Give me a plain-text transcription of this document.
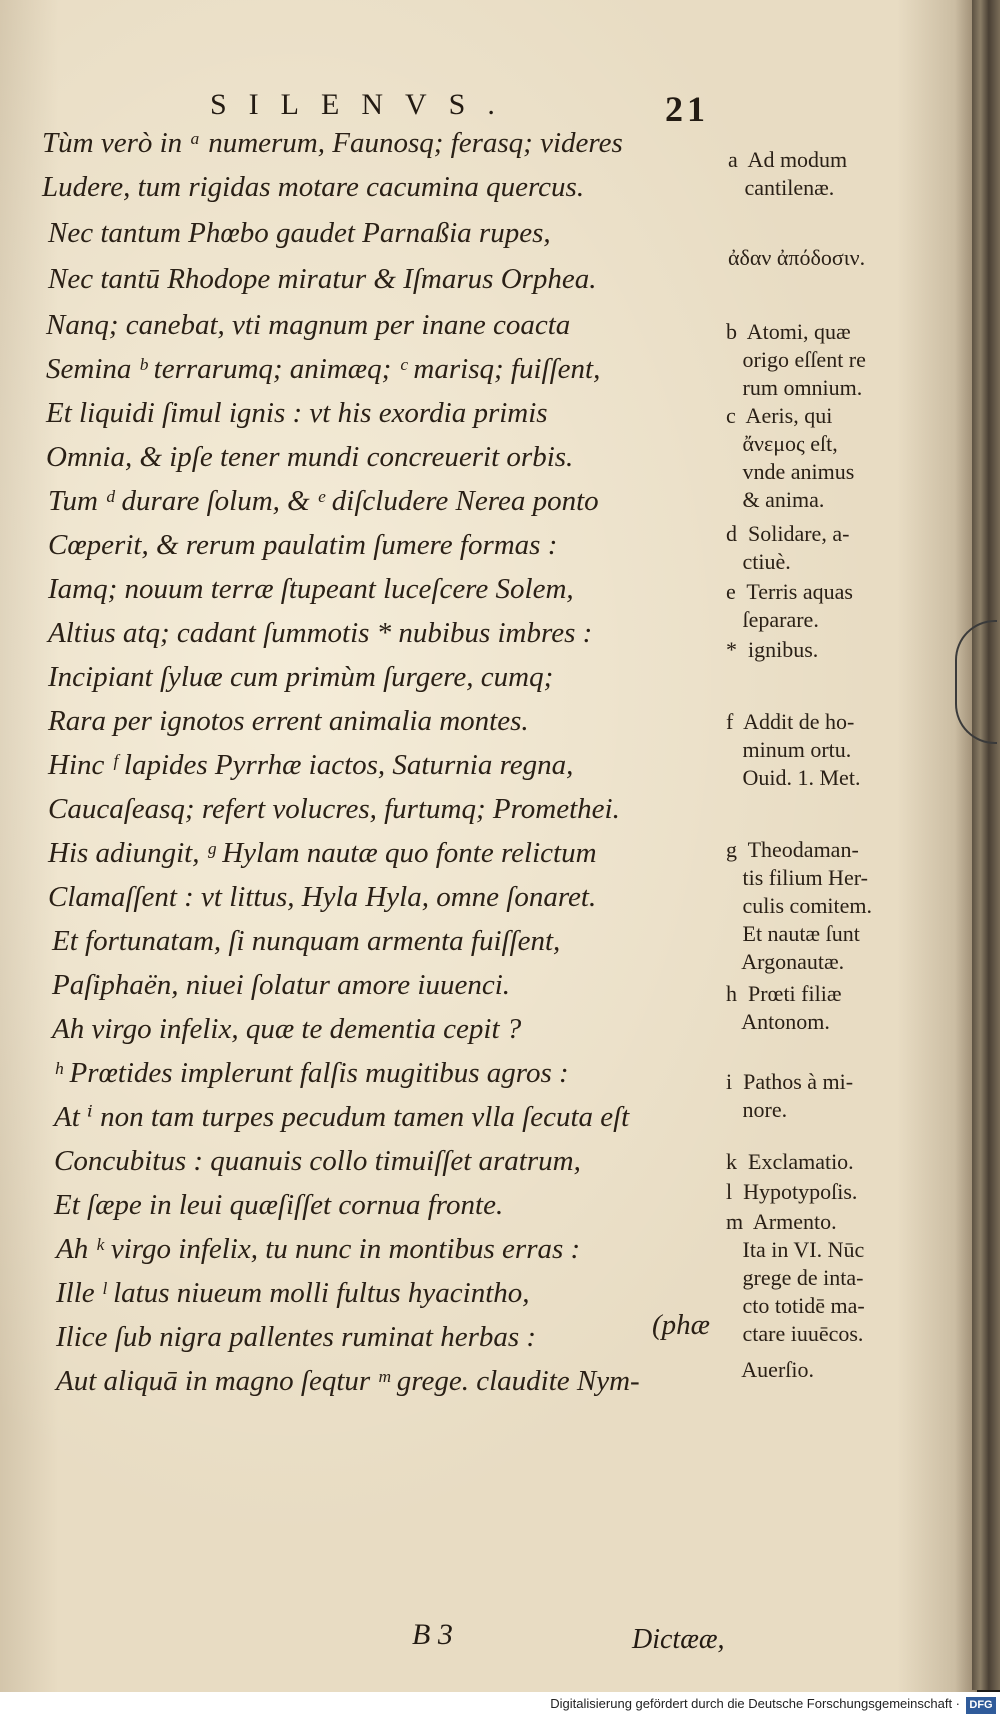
SILENVS.	21
Tùm verò in ᵃ numerum, Faunosq; ferasq; videres
Ludere, tum rigidas motare cacumina quercus.
Nec tantum Phœbo gaudet Parnaßia rupes,
Nec tantū Rhodope miratur & Iſmarus Orphea.
Nanq; canebat, vti magnum per inane coacta
Semina ᵇ terrarumq; animæq; ᶜ marisq; fuiſſent,
Et liquidi ſimul ignis : vt his exordia primis
Omnia, & ipſe tener mundi concreuerit orbis.
Tum ᵈ durare ſolum, & ᵉ diſcludere Nerea ponto
Cœperit, & rerum paulatim ſumere formas :
Iamq; nouum terræ ſtupeant luceſcere Solem,
Altius atq; cadant ſummotis * nubibus imbres :
Incipiant ſyluæ cum primùm ſurgere, cumq;
Rara per ignotos errent animalia montes.
Hinc ᶠ lapides Pyrrhæ iactos, Saturnia regna,
Caucaſeasq; refert volucres, furtumq; Promethei.
His adiungit, ᵍ Hylam nautæ quo fonte relictum
Clamaſſent : vt littus, Hyla Hyla, omne ſonaret.
Et fortunatam, ſi nunquam armenta fuiſſent,
Paſiphaën, niuei ſolatur amore iuuenci.
Ah virgo infelix, quæ te dementia cepit ?
ʰ Prœtides implerunt falſis mugitibus agros :
At ⁱ non tam turpes pecudum tamen vlla ſecuta eſt
Concubitus : quanuis collo timuiſſet aratrum,
Et ſæpe in leui quæſiſſet cornua fronte.
Ah ᵏ virgo infelix, tu nunc in montibus erras :
Ille ˡ latus niueum molli fultus hyacintho,
Ilice ſub nigra pallentes ruminat herbas :
Aut aliquā in magno ſeqtur ᵐ grege. claudite Nym-
(phæ
a  Ad modum
cantilenæ.
ἀδαν ἀπόδοσιν.
b  Atomi, quæ
origo eſſent re
rum omnium.
c  Aeris, qui
ἄνεμος eſt,
vnde animus
& anima.
d  Solidare, a-
ctiuè.
e  Terris aquas
ſeparare.
*  ignibus.
f  Addit de ho-
minum ortu.
Ouid. 1. Met.
g  Theodaman-
tis filium Her-
culis comitem.
Et nautæ ſunt
Argonautæ.
h  Prœti filiæ
Antonom.
i  Pathos à mi-
nore.
k  Exclamatio.
l  Hypotypoſis.
m  Armento.
Ita in VI. Nūc
grege de inta-
cto totidē ma-
ctare iuuēcos.
Auerſio.
B 3	Dictææ,
Digitalisierung gefördert durch die Deutsche Forschungsgemeinschaft · DFG
